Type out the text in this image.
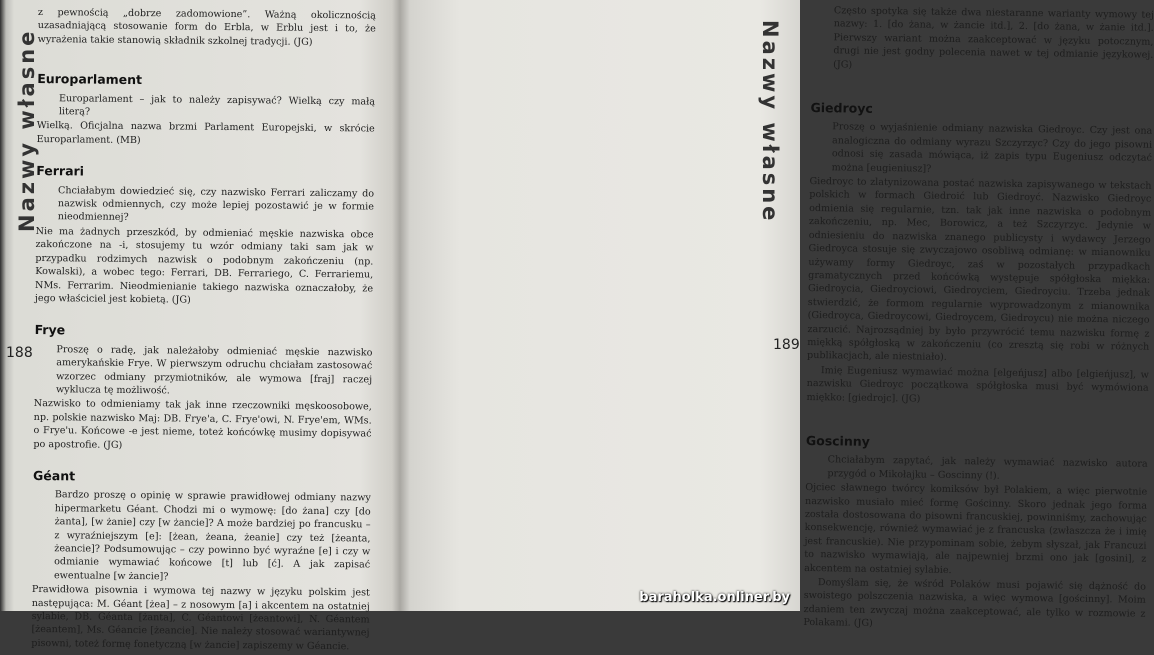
Nazwy własne
188

z pewnością „dobrze zadomowione”. Ważną okolicznością uzasadniającą stosowanie form do Erbla, w Erblu jest i to, że wyrażenia takie stanowią składnik szkolnej tradycji. (JG)

Europarlament

Europarlament – jak to należy zapisywać? Wielką czy małą literą?

Wielką. Oficjalna nazwa brzmi Parlament Europejski, w skrócie Europarlament. (MB)

Ferrari

Chciałabym dowiedzieć się, czy nazwisko Ferrari zaliczamy do nazwisk odmiennych, czy może lepiej pozostawić je w formie nieodmiennej?

Nie ma żadnych przeszkód, by odmieniać męskie nazwiska obce zakończone na -i, stosujemy tu wzór odmiany taki sam jak w przypadku rodzimych nazwisk o podobnym zakończeniu (np. Kowalski), a wobec tego: Ferrari, DB. Ferrariego, C. Ferrariemu, NMs. Ferrarim. Nieodmienianie takiego nazwiska oznaczałoby, że jego właściciel jest kobietą. (JG)

Frye

Proszę o radę, jak należałoby odmieniać męskie nazwisko amerykańskie Frye. W pierwszym odruchu chciałam zastosować wzorzec odmiany przymiotników, ale wymowa [fraj] raczej wyklucza tę możliwość.

Nazwisko to odmieniamy tak jak inne rzeczowniki męskoosobowe, np. polskie nazwisko Maj: DB. Frye'a, C. Frye'owi, N. Frye'em, WMs. o Frye'u. Końcowe -e jest nieme, toteż końcówkę musimy dopisywać po apostrofie. (JG)

Géant

Bardzo proszę o opinię w sprawie prawidłowej odmiany nazwy hipermarketu Géant. Chodzi mi o wymowę: [do żana] czy [do żanta], [w żanie] czy [w żancie]? A może bardziej po francusku – z wyraźniejszym [e]: [żean, żeana, żeanie] czy też [żeanta, żeancie]? Podsumowując – czy powinno być wyraźne [e] i czy w odmianie wymawiać końcowe [t] lub [ć]. A jak zapisać ewentualne [w żancie]?

Prawidłowa pisownia i wymowa tej nazwy w języku polskim jest następująca: M. Géant [żea] – z nosowym [a] i akcentem na ostatniej sylabie, DB. Géanta [żanta], C. Géantowi [żeantowi], N. Géantem [żeantem], Ms. Géancie [żeancie]. Nie należy stosować wariantywnej pisowni, toteż formę fonetyczną [w żancie] zapiszemy w Géancie.

Często spotyka się także dwa niestaranne warianty wymowy tej nazwy: 1. [do żana, w żancie itd.], 2. [do żana, w żanie itd.]. Pierwszy wariant można zaakceptować w języku potocznym, drugi nie jest godny polecenia nawet w tej odmianie językowej. (JG)

Giedroyc

Proszę o wyjaśnienie odmiany nazwiska Giedroyc. Czy jest ona analogiczna do odmiany wyrazu Szczyrzyc? Czy do jego pisowni odnosi się zasada mówiąca, iż zapis typu Eugeniusz odczytać można [eugieniusz]?

Giedroyc to zlatynizowana postać nazwiska zapisywanego w tekstach polskich w formach Giedroić lub Giedroyć. Nazwisko Giedroyc odmienia się regularnie, tzn. tak jak inne nazwiska o podobnym zakończeniu, np. Mec, Borowicz, a też Szczyrzyc. Jedynie w odniesieniu do nazwiska znanego publicysty i wydawcy Jerzego Giedroyca stosuje się zwyczajowo osobliwą odmianę: w mianowniku używamy formy Giedroyc, zaś w pozostałych przypadkach gramatycznych przed końcówką występuje spółgłoska miękka: Giedroycia, Giedroyciowi, Giedroyciem, Giedroyciu. Trzeba jednak stwierdzić, że formom regularnie wyprowadzonym z mianownika (Giedroyca, Giedroycowi, Giedroycem, Giedroycu) nie można niczego zarzucić. Najrozsądniej by było przywrócić temu nazwisku formę z miękką spółgłoską w zakończeniu (co zresztą się robi w różnych publikacjach, ale niestniało).

Imię Eugeniusz wymawiać można [elgeńjusz] albo [elgieńjusz], w nazwisku Giedroyc początkowa spółgłoska musi być wymówiona miękko: [giedrojc]. (JG)

Goscinny

Chciałabym zapytać, jak należy wymawiać nazwisko autora przygód o Mikołajku – Goscinny (!).

Ojciec sławnego twórcy komiksów był Polakiem, a więc pierwotnie nazwisko musiało mieć formę Gościnny. Skoro jednak jego forma została dostosowana do pisowni francuskiej, powinniśmy, zachowując konsekwencję, również wymawiać je z francuska (zwłaszcza że i imię jest francuskie). Nie przypominam sobie, żebym słyszał, jak Francuzi to nazwisko wymawiają, ale najpewniej brzmi ono jak [gosini], z akcentem na ostatniej sylabie.

Domyślam się, że wśród Polaków musi pojawić się dążność do swoistego polszczenia nazwiska, a więc wymowa [gościnny]. Moim zdaniem ten zwyczaj można zaakceptować, ale tylko w rozmowie z Polakami. (JG)

Nazwy własne
189
baraholka.onliner.by
